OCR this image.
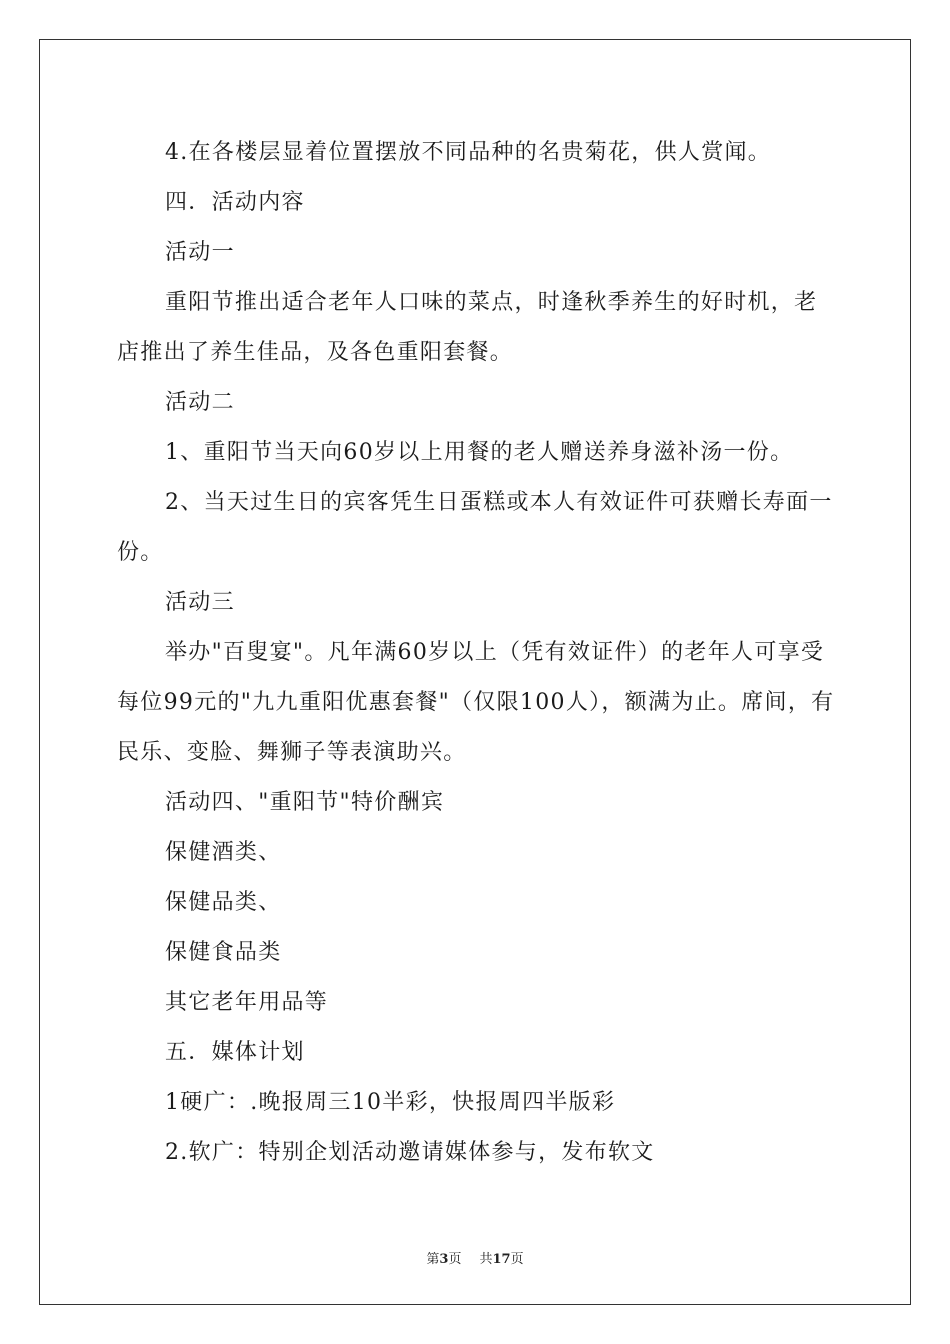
4.在各楼层显着位置摆放不同品种的名贵菊花，供人赏闻。

四．活动内容

活动一

重阳节推出适合老年人口味的菜点，时逢秋季养生的好时机，老店推出了养生佳品，及各色重阳套餐。

活动二

1、重阳节当天向60岁以上用餐的老人赠送养身滋补汤一份。

2、当天过生日的宾客凭生日蛋糕或本人有效证件可获赠长寿面一份。

活动三

举办"百叟宴"。凡年满60岁以上（凭有效证件）的老年人可享受每位99元的"九九重阳优惠套餐"（仅限100人），额满为止。席间，有民乐、变脸、舞狮子等表演助兴。

活动四、"重阳节"特价酬宾

保健酒类、

保健品类、

保健食品类

其它老年用品等

五．媒体计划

1硬广：.晚报周三10半彩，快报周四半版彩

2.软广：特别企划活动邀请媒体参与，发布软文

第3页 共17页
